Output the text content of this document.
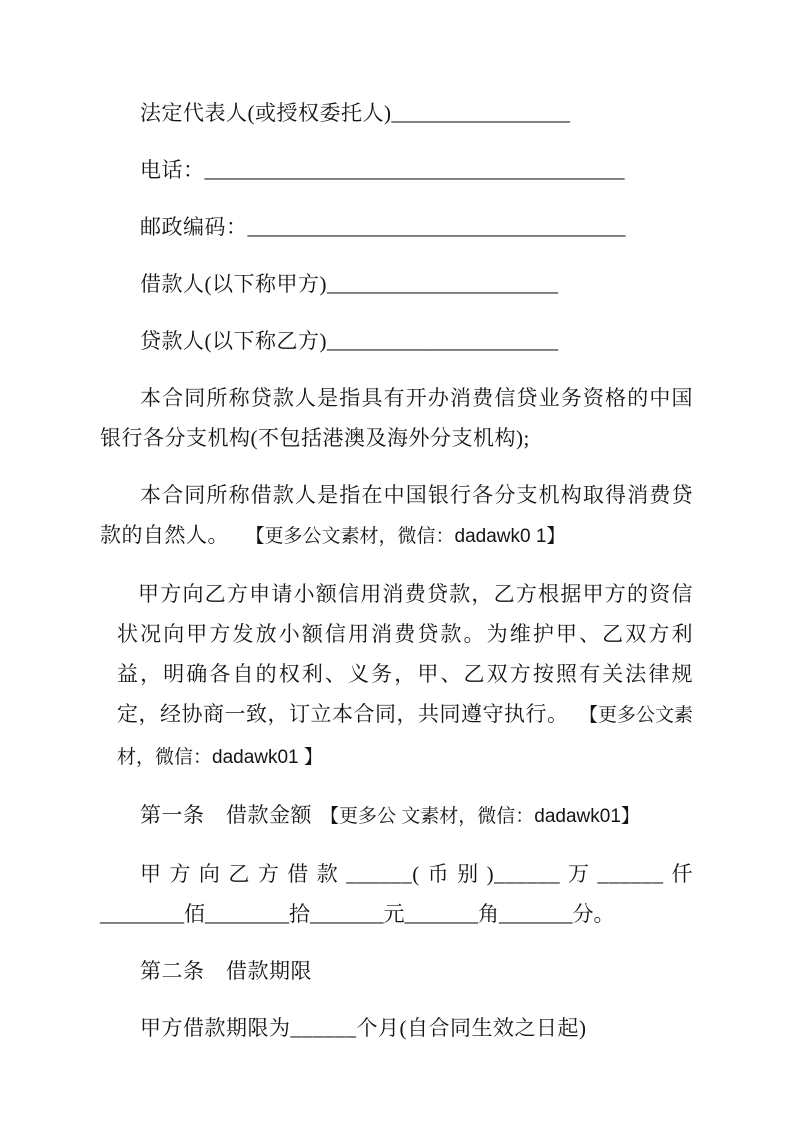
法定代表人(或授权委托人)_________________

电话：________________________________________

邮政编码：____________________________________

借款人(以下称甲方)______________________

贷款人(以下称乙方)______________________

本合同所称贷款人是指具有开办消费信贷业务资格的中国银行各分支机构(不包括港澳及海外分支机构);

本合同所称借款人是指在中国银行各分支机构取得消费贷款的自然人。 【更多公文素材，微信：dadawk0 1】

甲方向乙方申请小额信用消费贷款，乙方根据甲方的资信状况向甲方发放小额信用消费贷款。为维护甲、乙双方利益，明确各自的权利、义务，甲、乙双方按照有关法律规定，经协商一致，订立本合同，共同遵守执行。 【更多公文素材，微信：dadawk01 】

第一条　借款金额 【更多公 文素材，微信：dadawk01】

甲方向乙方借款______(币别)______万______仟
________佰________拾_______元_______角_______分。

第二条　借款期限

甲方借款期限为______个月(自合同生效之日起)
